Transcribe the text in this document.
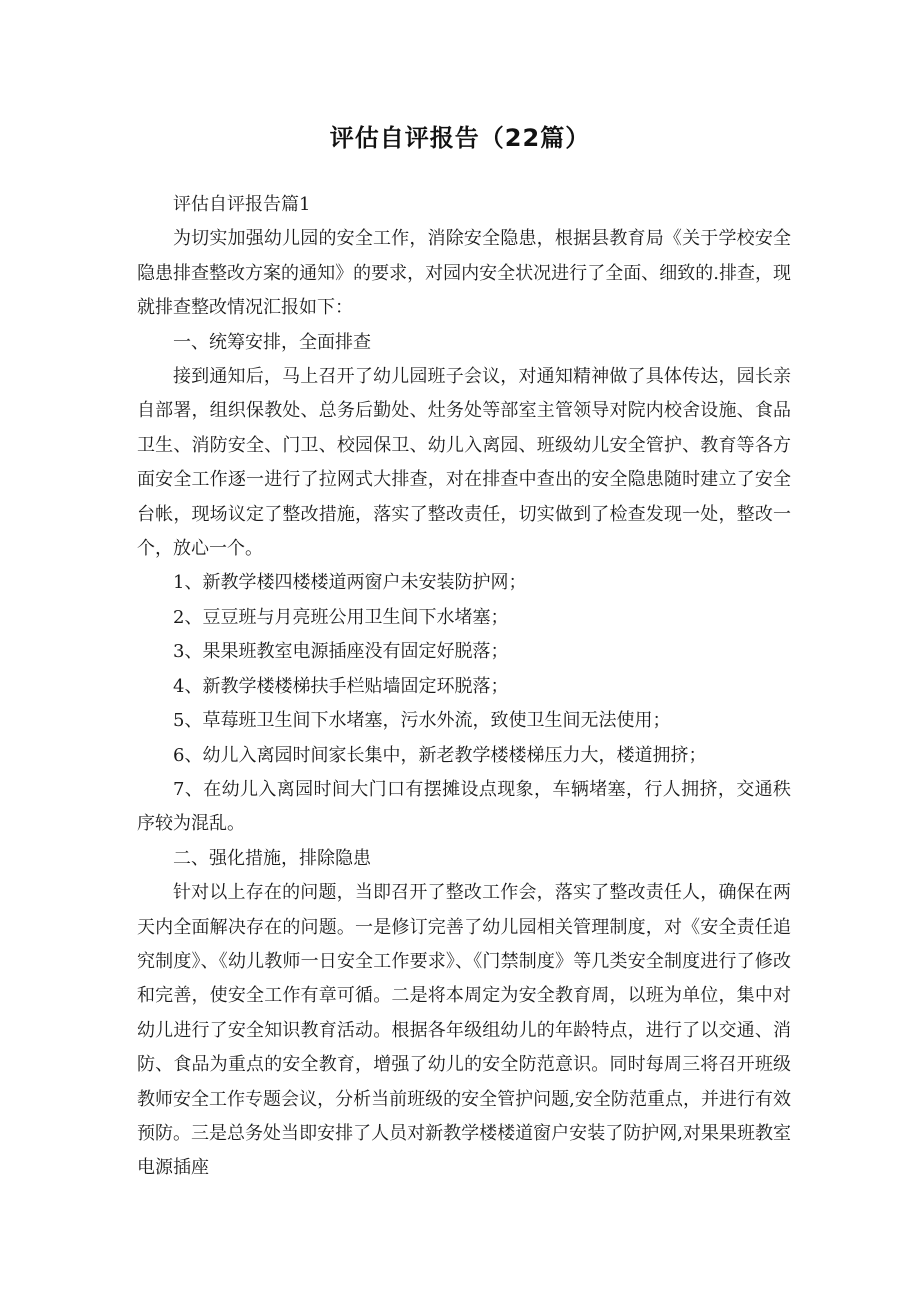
评估自评报告（22篇）

评估自评报告篇1

为切实加强幼儿园的安全工作，消除安全隐患，根据县教育局《关于学校安全隐患排查整改方案的通知》的要求，对园内安全状况进行了全面、细致的.排查，现就排查整改情况汇报如下：

一、统筹安排，全面排查

接到通知后，马上召开了幼儿园班子会议，对通知精神做了具体传达，园长亲自部署，组织保教处、总务后勤处、灶务处等部室主管领导对院内校舍设施、食品卫生、消防安全、门卫、校园保卫、幼儿入离园、班级幼儿安全管护、教育等各方面安全工作逐一进行了拉网式大排查，对在排查中查出的安全隐患随时建立了安全台帐，现场议定了整改措施，落实了整改责任，切实做到了检查发现一处，整改一个，放心一个。

1、新教学楼四楼楼道两窗户未安装防护网；

2、豆豆班与月亮班公用卫生间下水堵塞；

3、果果班教室电源插座没有固定好脱落；

4、新教学楼楼梯扶手栏贴墙固定环脱落；

5、草莓班卫生间下水堵塞，污水外流，致使卫生间无法使用；

6、幼儿入离园时间家长集中，新老教学楼楼梯压力大，楼道拥挤；

7、在幼儿入离园时间大门口有摆摊设点现象，车辆堵塞，行人拥挤，交通秩序较为混乱。

二、强化措施，排除隐患

针对以上存在的问题，当即召开了整改工作会，落实了整改责任人，确保在两天内全面解决存在的问题。一是修订完善了幼儿园相关管理制度，对《安全责任追究制度》、《幼儿教师一日安全工作要求》、《门禁制度》等几类安全制度进行了修改和完善，使安全工作有章可循。二是将本周定为安全教育周，以班为单位，集中对幼儿进行了安全知识教育活动。根据各年级组幼儿的年龄特点，进行了以交通、消防、食品为重点的安全教育，增强了幼儿的安全防范意识。同时每周三将召开班级教师安全工作专题会议，分析当前班级的安全管护问题,安全防范重点，并进行有效预防。三是总务处当即安排了人员对新教学楼楼道窗户安装了防护网,对果果班教室电源插座
